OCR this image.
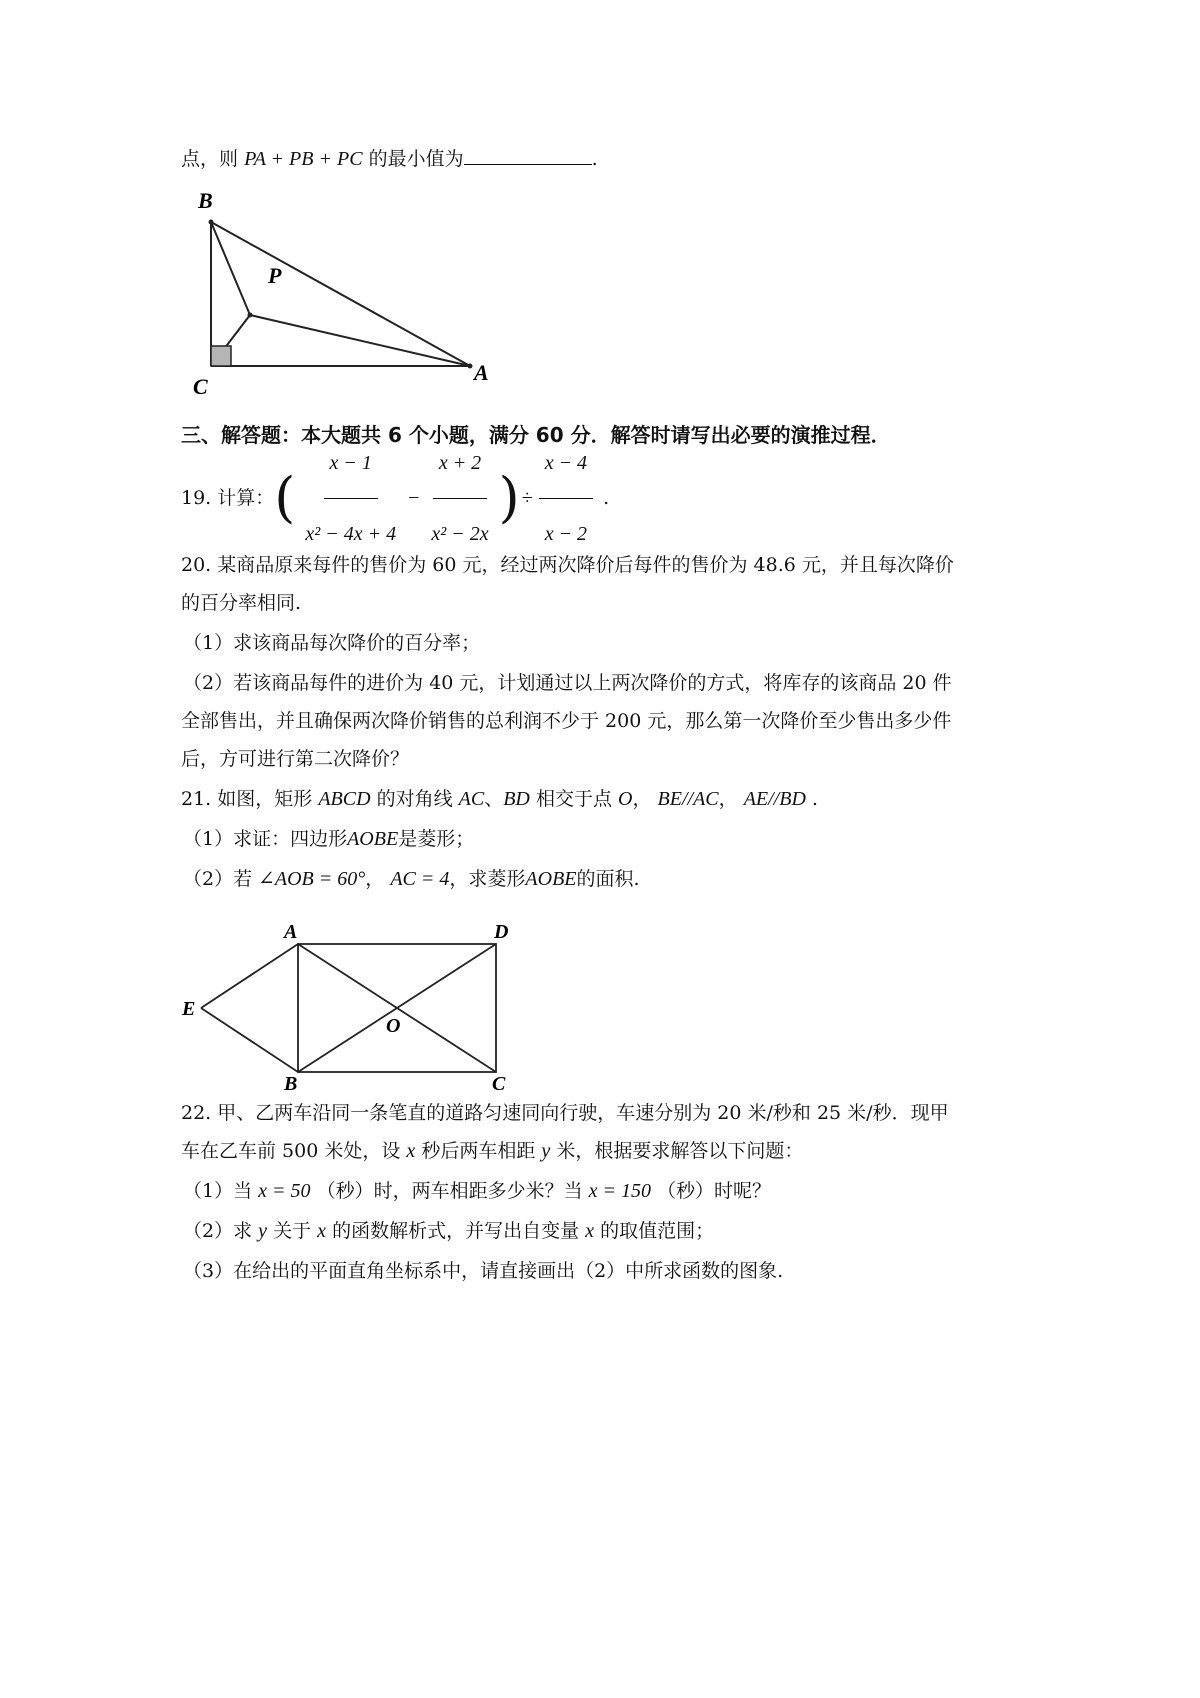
点，则 PA + PB + PC 的最小值为	.
B
P
C
A
三、解答题：本大题共 6 个小题，满分 60 分．解答时请写出必要的演推过程．
19. 计算： ( $\frac{x - 1}{\text{x² − 4x + 4}} - \frac{x + 2}{\text{x² − 2x}}$ ) ÷ $\frac{x - 4}{x - 2}$ .
20. 某商品原来每件的售价为 60 元，经过两次降价后每件的售价为 48.6 元，并且每次降价
的百分率相同.
（1）求该商品每次降价的百分率；
（2）若该商品每件的进价为 40 元，计划通过以上两次降价的方式，将库存的该商品 20 件
全部售出，并且确保两次降价销售的总利润不少于 200 元，那么第一次降价至少售出多少件
后，方可进行第二次降价？
21. 如图，矩形 ABCD 的对角线 AC、BD 相交于点 O， BE//AC， AE//BD .
（1）求证：四边形AOBE是菱形；
（2）若 ∠AOB = 60°， AC = 4，求菱形AOBE的面积.
A	D
E
O
B	C
22. 甲、乙两车沿同一条笔直的道路匀速同向行驶，车速分别为 20 米/秒和 25 米/秒．现甲
车在乙车前 500 米处，设 x 秒后两车相距 y 米，根据要求解答以下问题：
（1）当 x = 50 （秒）时，两车相距多少米？当 x = 150 （秒）时呢？
（2）求 y 关于 x 的函数解析式，并写出自变量 x 的取值范围；
（3）在给出的平面直角坐标系中，请直接画出（2）中所求函数的图象.
